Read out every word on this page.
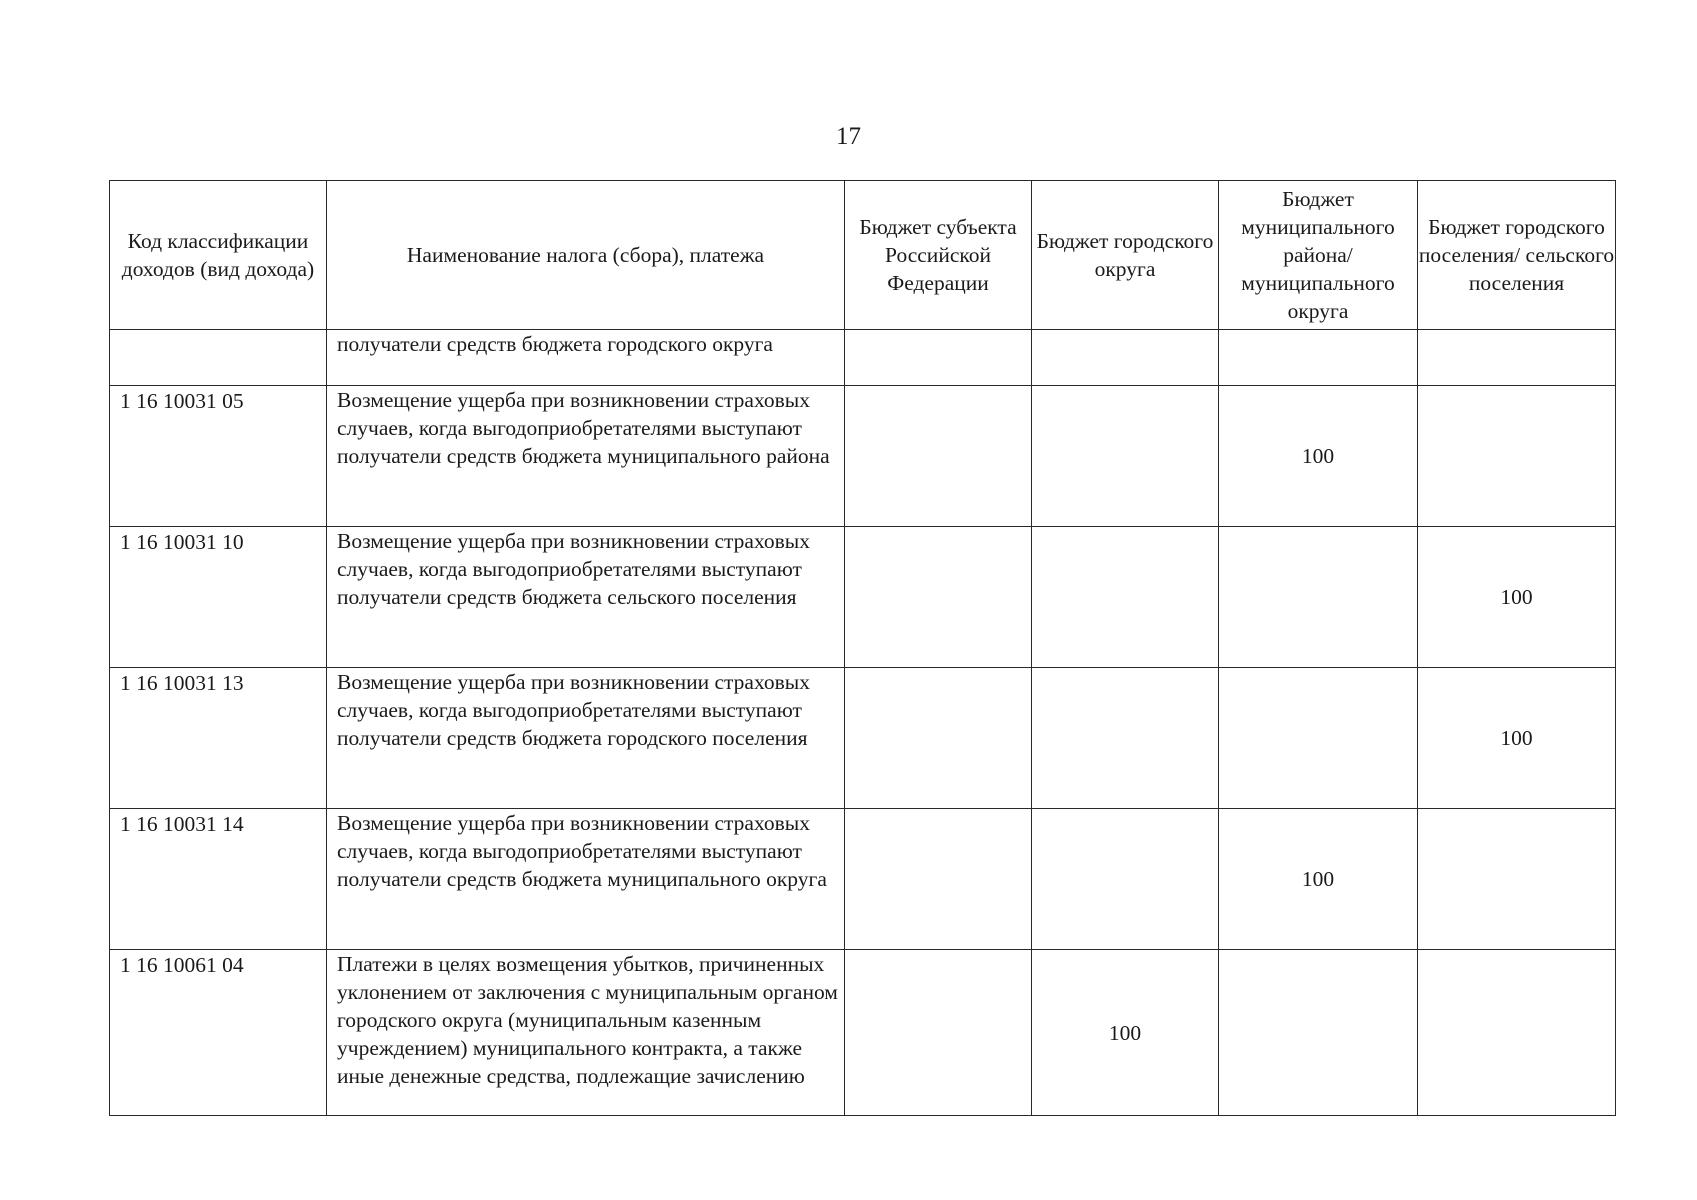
17
Код классификации доходов (вид дохода)	Наименование налога (сбора), платежа	Бюджет субъекта Российской Федерации	Бюджет городского округа	Бюджет муниципального района/ муниципального округа	Бюджет городского поселения/ сельского поселения
	получатели средств бюджета городского округа				
1 16 10031 05	Возмещение ущерба при возникновении страховых случаев, когда выгодоприобретателями выступают получатели средств бюджета муниципального района			100	
1 16 10031 10	Возмещение ущерба при возникновении страховых случаев, когда выгодоприобретателями выступают получатели средств бюджета сельского поселения				100
1 16 10031 13	Возмещение ущерба при возникновении страховых случаев, когда выгодоприобретателями выступают получатели средств бюджета городского поселения				100
1 16 10031 14	Возмещение ущерба при возникновении страховых случаев, когда выгодоприобретателями выступают получатели средств бюджета муниципального округа			100	
1 16 10061 04	Платежи в целях возмещения убытков, причиненных уклонением от заключения с муниципальным органом городского округа (муниципальным казенным учреждением) муниципального контракта, а также иные денежные средства, подлежащие зачислению		100		
